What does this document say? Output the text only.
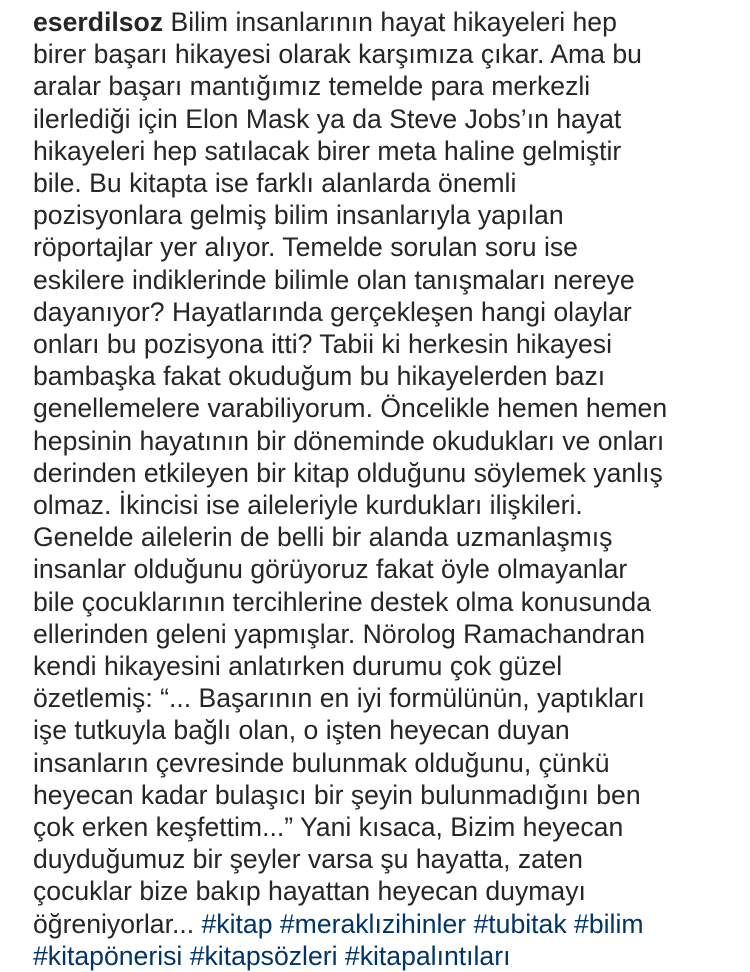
eserdilsoz Bilim insanlarının hayat hikayeleri hep
birer başarı hikayesi olarak karşımıza çıkar. Ama bu
aralar başarı mantığımız temelde para merkezli
ilerlediği için Elon Mask ya da Steve Jobs’ın hayat
hikayeleri hep satılacak birer meta haline gelmiştir
bile. Bu kitapta ise farklı alanlarda önemli
pozisyonlara gelmiş bilim insanlarıyla yapılan
röportajlar yer alıyor. Temelde sorulan soru ise
eskilere indiklerinde bilimle olan tanışmaları nereye
dayanıyor? Hayatlarında gerçekleşen hangi olaylar
onları bu pozisyona itti? Tabii ki herkesin hikayesi
bambaşka fakat okuduğum bu hikayelerden bazı
genellemelere varabiliyorum. Öncelikle hemen hemen
hepsinin hayatının bir döneminde okudukları ve onları
derinden etkileyen bir kitap olduğunu söylemek yanlış
olmaz. İkincisi ise aileleriyle kurdukları ilişkileri.
Genelde ailelerin de belli bir alanda uzmanlaşmış
insanlar olduğunu görüyoruz fakat öyle olmayanlar
bile çocuklarının tercihlerine destek olma konusunda
ellerinden geleni yapmışlar. Nörolog Ramachandran
kendi hikayesini anlatırken durumu çok güzel
özetlemiş: “... Başarının en iyi formülünün, yaptıkları
işe tutkuyla bağlı olan, o işten heyecan duyan
insanların çevresinde bulunmak olduğunu, çünkü
heyecan kadar bulaşıcı bir şeyin bulunmadığını ben
çok erken keşfettim...” Yani kısaca, Bizim heyecan
duyduğumuz bir şeyler varsa şu hayatta, zaten
çocuklar bize bakıp hayattan heyecan duymayı
öğreniyorlar... #kitap #meraklızihinler #tubitak #bilim
#kitapönerisi #kitapsözleri #kitapalıntıları
